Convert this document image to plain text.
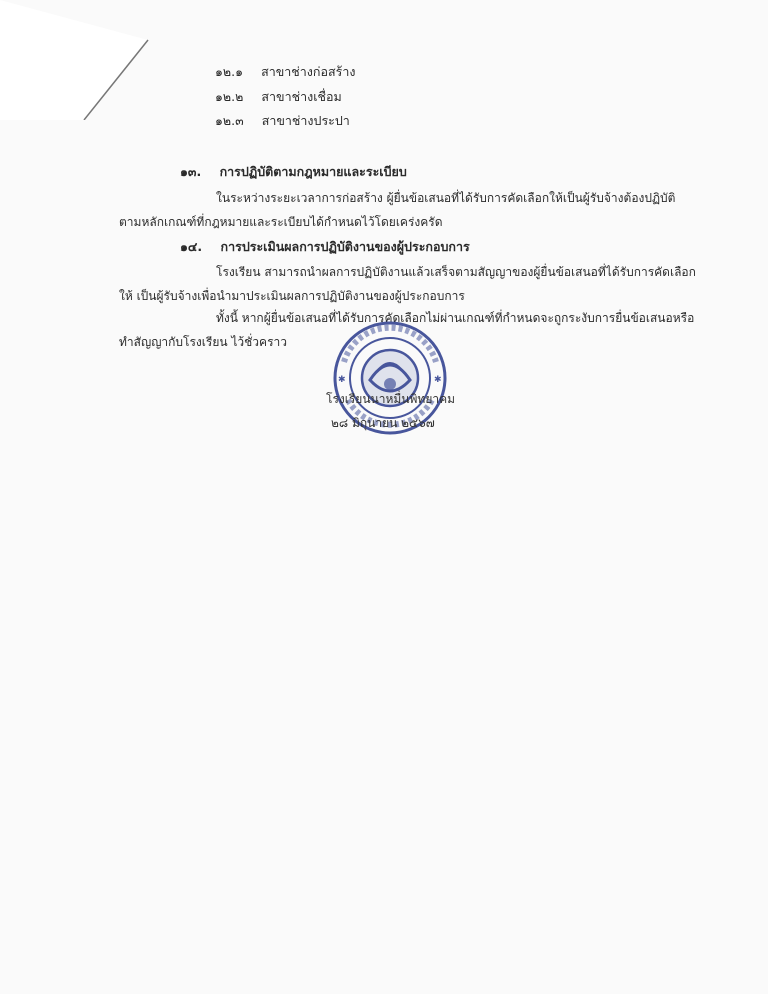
๑๒.๑ สาขาช่างก่อสร้าง
๑๒.๒ สาขาช่างเชื่อม
๑๒.๓ สาขาช่างประปา
๑๓. การปฏิบัติตามกฎหมายและระเบียบ
ในระหว่างระยะเวลาการก่อสร้าง ผู้ยื่นข้อเสนอที่ได้รับการคัดเลือกให้เป็นผู้รับจ้างต้องปฏิบัติ
ตามหลักเกณฑ์ที่กฎหมายและระเบียบได้กำหนดไว้โดยเคร่งครัด
๑๔. การประเมินผลการปฏิบัติงานของผู้ประกอบการ
โรงเรียน สามารถนำผลการปฏิบัติงานแล้วเสร็จตามสัญญาของผู้ยื่นข้อเสนอที่ได้รับการคัดเลือก
ให้ เป็นผู้รับจ้างเพื่อนำมาประเมินผลการปฏิบัติงานของผู้ประกอบการ
ทั้งนี้ หากผู้ยื่นข้อเสนอที่ได้รับการคัดเลือกไม่ผ่านเกณฑ์ที่กำหนดจะถูกระงับการยื่นข้อเสนอหรือ
ทำสัญญากับโรงเรียน ไว้ชั่วคราว
✱	✱
โรงเรียนนาหมื่นพิทยาคม
๒๘ มิถุนายน ๒๕๖๗
